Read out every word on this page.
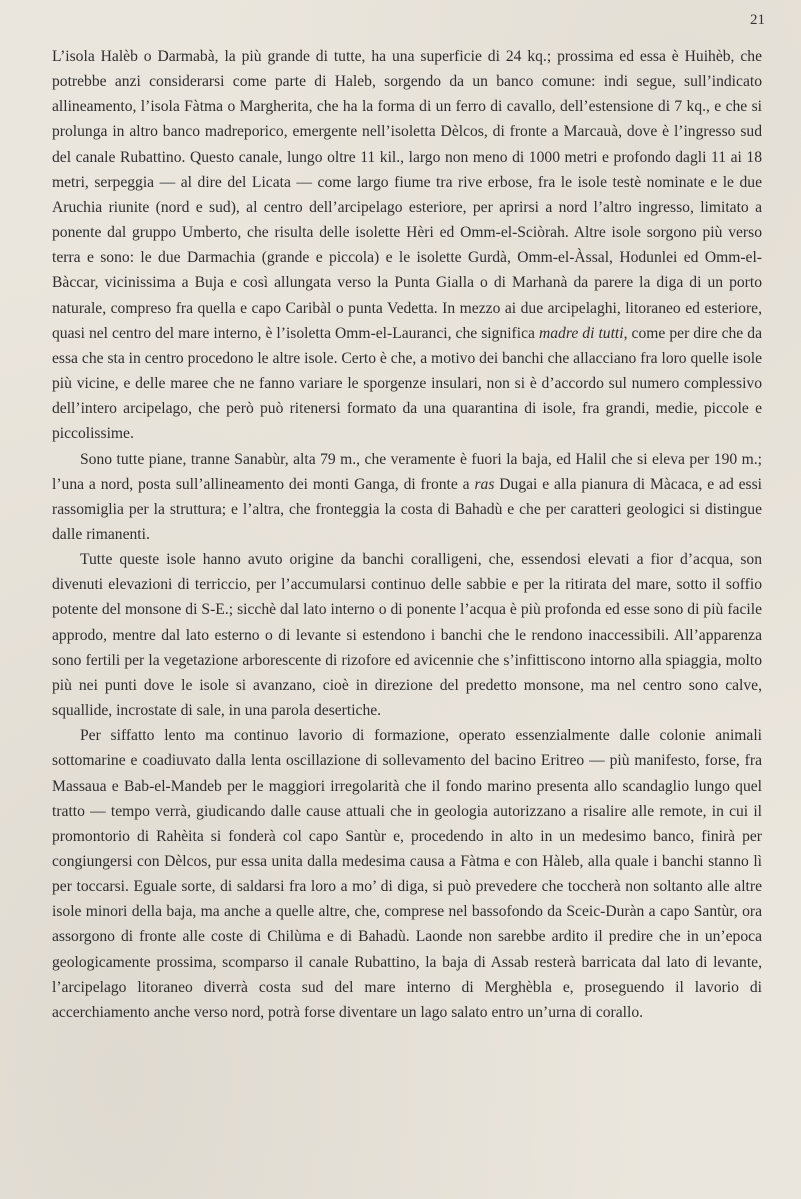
21

L’isola Halèb o Darmabà, la più grande di tutte, ha una superficie di 24 kq.; prossima ed essa è Huihèb, che potrebbe anzi considerarsi come parte di Haleb, sorgendo da un banco comune: indi segue, sull’indicato allineamento, l’isola Fàtma o Margherita, che ha la forma di un ferro di cavallo, dell’estensione di 7 kq., e che si prolunga in altro banco madreporico, emergente nell’isoletta Dèlcos, di fronte a Marcauà, dove è l’ingresso sud del canale Rubattino. Questo canale, lungo oltre 11 kil., largo non meno di 1000 metri e profondo dagli 11 ai 18 metri, serpeggia — al dire del Licata — come largo fiume tra rive erbose, fra le isole testè nominate e le due Aruchia riunite (nord e sud), al centro dell’arcipelago esteriore, per aprirsi a nord l’altro ingresso, limitato a ponente dal gruppo Umberto, che risulta delle isolette Hèri ed Omm-el-Sciòrah. Altre isole sorgono più verso terra e sono: le due Darmachia (grande e piccola) e le isolette Gurdà, Omm-el-Àssal, Hodunlei ed Omm-el-Bàccar, vicinissima a Buja e così allungata verso la Punta Gialla o di Marhanà da parere la diga di un porto naturale, compreso fra quella e capo Caribàl o punta Vedetta. In mezzo ai due arcipelaghi, litoraneo ed esteriore, quasi nel centro del mare interno, è l’isoletta Omm-el-Lauranci, che significa madre di tutti, come per dire che da essa che sta in centro procedono le altre isole. Certo è che, a motivo dei banchi che allacciano fra loro quelle isole più vicine, e delle maree che ne fanno variare le sporgenze insulari, non si è d’accordo sul numero complessivo dell’intero arcipelago, che però può ritenersi formato da una quarantina di isole, fra grandi, medie, piccole e piccolissime.

Sono tutte piane, tranne Sanabùr, alta 79 m., che veramente è fuori la baja, ed Halil che si eleva per 190 m.; l’una a nord, posta sull’allineamento dei monti Ganga, di fronte a ras Dugai e alla pianura di Màcaca, e ad essi rassomiglia per la struttura; e l’altra, che fronteggia la costa di Bahadù e che per caratteri geologici si distingue dalle rimanenti.

Tutte queste isole hanno avuto origine da banchi coralligeni, che, essendosi elevati a fior d’acqua, son divenuti elevazioni di terriccio, per l’accumularsi continuo delle sabbie e per la ritirata del mare, sotto il soffio potente del monsone di S-E.; sicchè dal lato interno o di ponente l’acqua è più profonda ed esse sono di più facile approdo, mentre dal lato esterno o di levante si estendono i banchi che le rendono inaccessibili. All’apparenza sono fertili per la vegetazione arborescente di rizofore ed avicennie che s’infittiscono intorno alla spiaggia, molto più nei punti dove le isole si avanzano, cioè in direzione del predetto monsone, ma nel centro sono calve, squallide, incrostate di sale, in una parola desertiche.

Per siffatto lento ma continuo lavorio di formazione, operato essenzialmente dalle colonie animali sottomarine e coadiuvato dalla lenta oscillazione di sollevamento del bacino Eritreo — più manifesto, forse, fra Massaua e Bab-el-Mandeb per le maggiori irregolarità che il fondo marino presenta allo scandaglio lungo quel tratto — tempo verrà, giudicando dalle cause attuali che in geologia autorizzano a risalire alle remote, in cui il promontorio di Rahèita si fonderà col capo Santùr e, procedendo in alto in un medesimo banco, finirà per congiungersi con Dèlcos, pur essa unita dalla medesima causa a Fàtma e con Hàleb, alla quale i banchi stanno lì per toccarsi. Eguale sorte, di saldarsi fra loro a mo’ di diga, si può prevedere che toccherà non soltanto alle altre isole minori della baja, ma anche a quelle altre, che, comprese nel bassofondo da Sceic-Duràn a capo Santùr, ora assorgono di fronte alle coste di Chilùma e di Bahadù. Laonde non sarebbe ardito il predire che in un’epoca geologicamente prossima, scomparso il canale Rubattino, la baja di Assab resterà barricata dal lato di levante, l’arcipelago litoraneo diverrà costa sud del mare interno di Merghèbla e, proseguendo il lavorio di accerchiamento anche verso nord, potrà forse diventare un lago salato entro un’urna di corallo.
